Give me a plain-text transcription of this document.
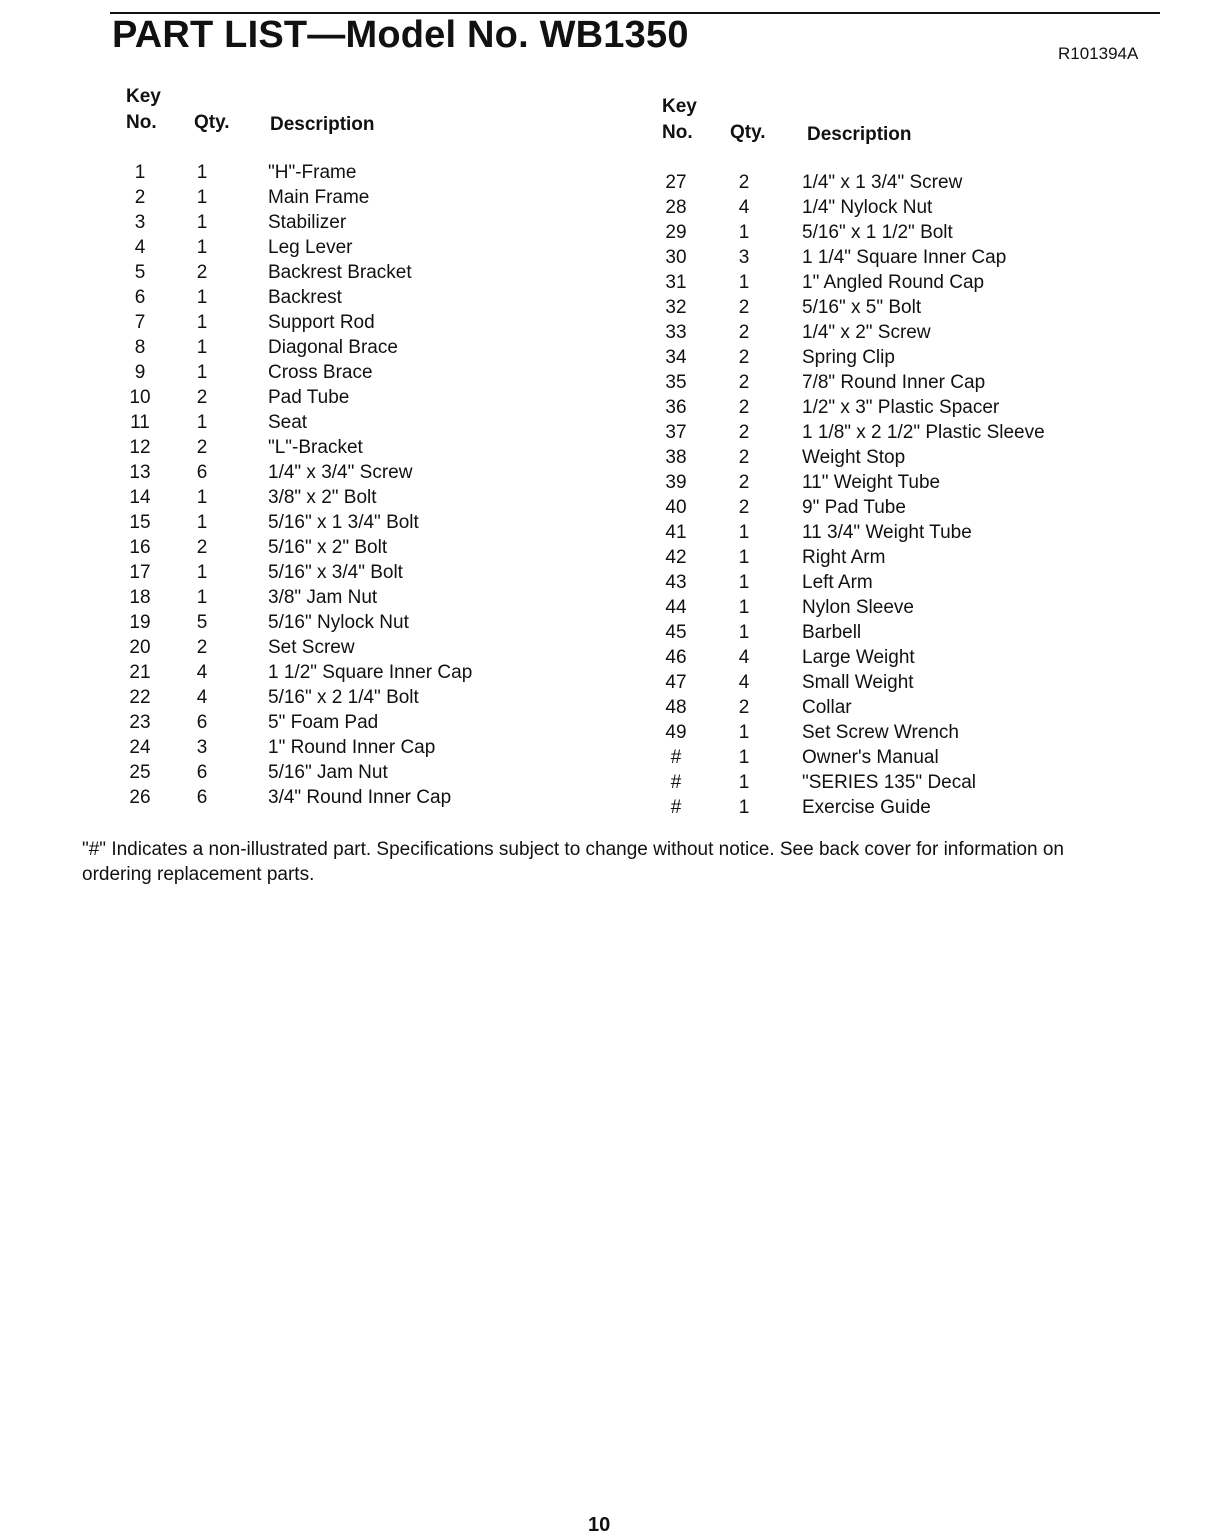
PART LIST—Model No. WB1350	R101394A
Key
No. Qty. Description
1	1	"H"-Frame
2	1	Main Frame
3	1	Stabilizer
4	1	Leg Lever
5	2	Backrest Bracket
6	1	Backrest
7	1	Support Rod
8	1	Diagonal Brace
9	1	Cross Brace
10	2	Pad Tube
11	1	Seat
12	2	"L"-Bracket
13	6	1/4" x 3/4" Screw
14	1	3/8" x 2" Bolt
15	1	5/16" x 1 3/4" Bolt
16	2	5/16" x 2" Bolt
17	1	5/16" x 3/4" Bolt
18	1	3/8" Jam Nut
19	5	5/16" Nylock Nut
20	2	Set Screw
21	4	1 1/2" Square Inner Cap
22	4	5/16" x 2 1/4" Bolt
23	6	5" Foam Pad
24	3	1" Round Inner Cap
25	6	5/16" Jam Nut
26	6	3/4" Round Inner Cap
Key
No. Qty. Description
27	2	1/4" x 1 3/4" Screw
28	4	1/4" Nylock Nut
29	1	5/16" x 1 1/2" Bolt
30	3	1 1/4" Square Inner Cap
31	1	1" Angled Round Cap
32	2	5/16" x 5" Bolt
33	2	1/4" x 2" Screw
34	2	Spring Clip
35	2	7/8" Round Inner Cap
36	2	1/2" x 3" Plastic Spacer
37	2	1 1/8" x 2 1/2" Plastic Sleeve
38	2	Weight Stop
39	2	11" Weight Tube
40	2	9" Pad Tube
41	1	11 3/4" Weight Tube
42	1	Right Arm
43	1	Left Arm
44	1	Nylon Sleeve
45	1	Barbell
46	4	Large Weight
47	4	Small Weight
48	2	Collar
49	1	Set Screw Wrench
#	1	Owner's Manual
#	1	"SERIES 135" Decal
#	1	Exercise Guide

"#" Indicates a non-illustrated part. Specifications subject to change without notice. See back cover for information on ordering replacement parts.

10
